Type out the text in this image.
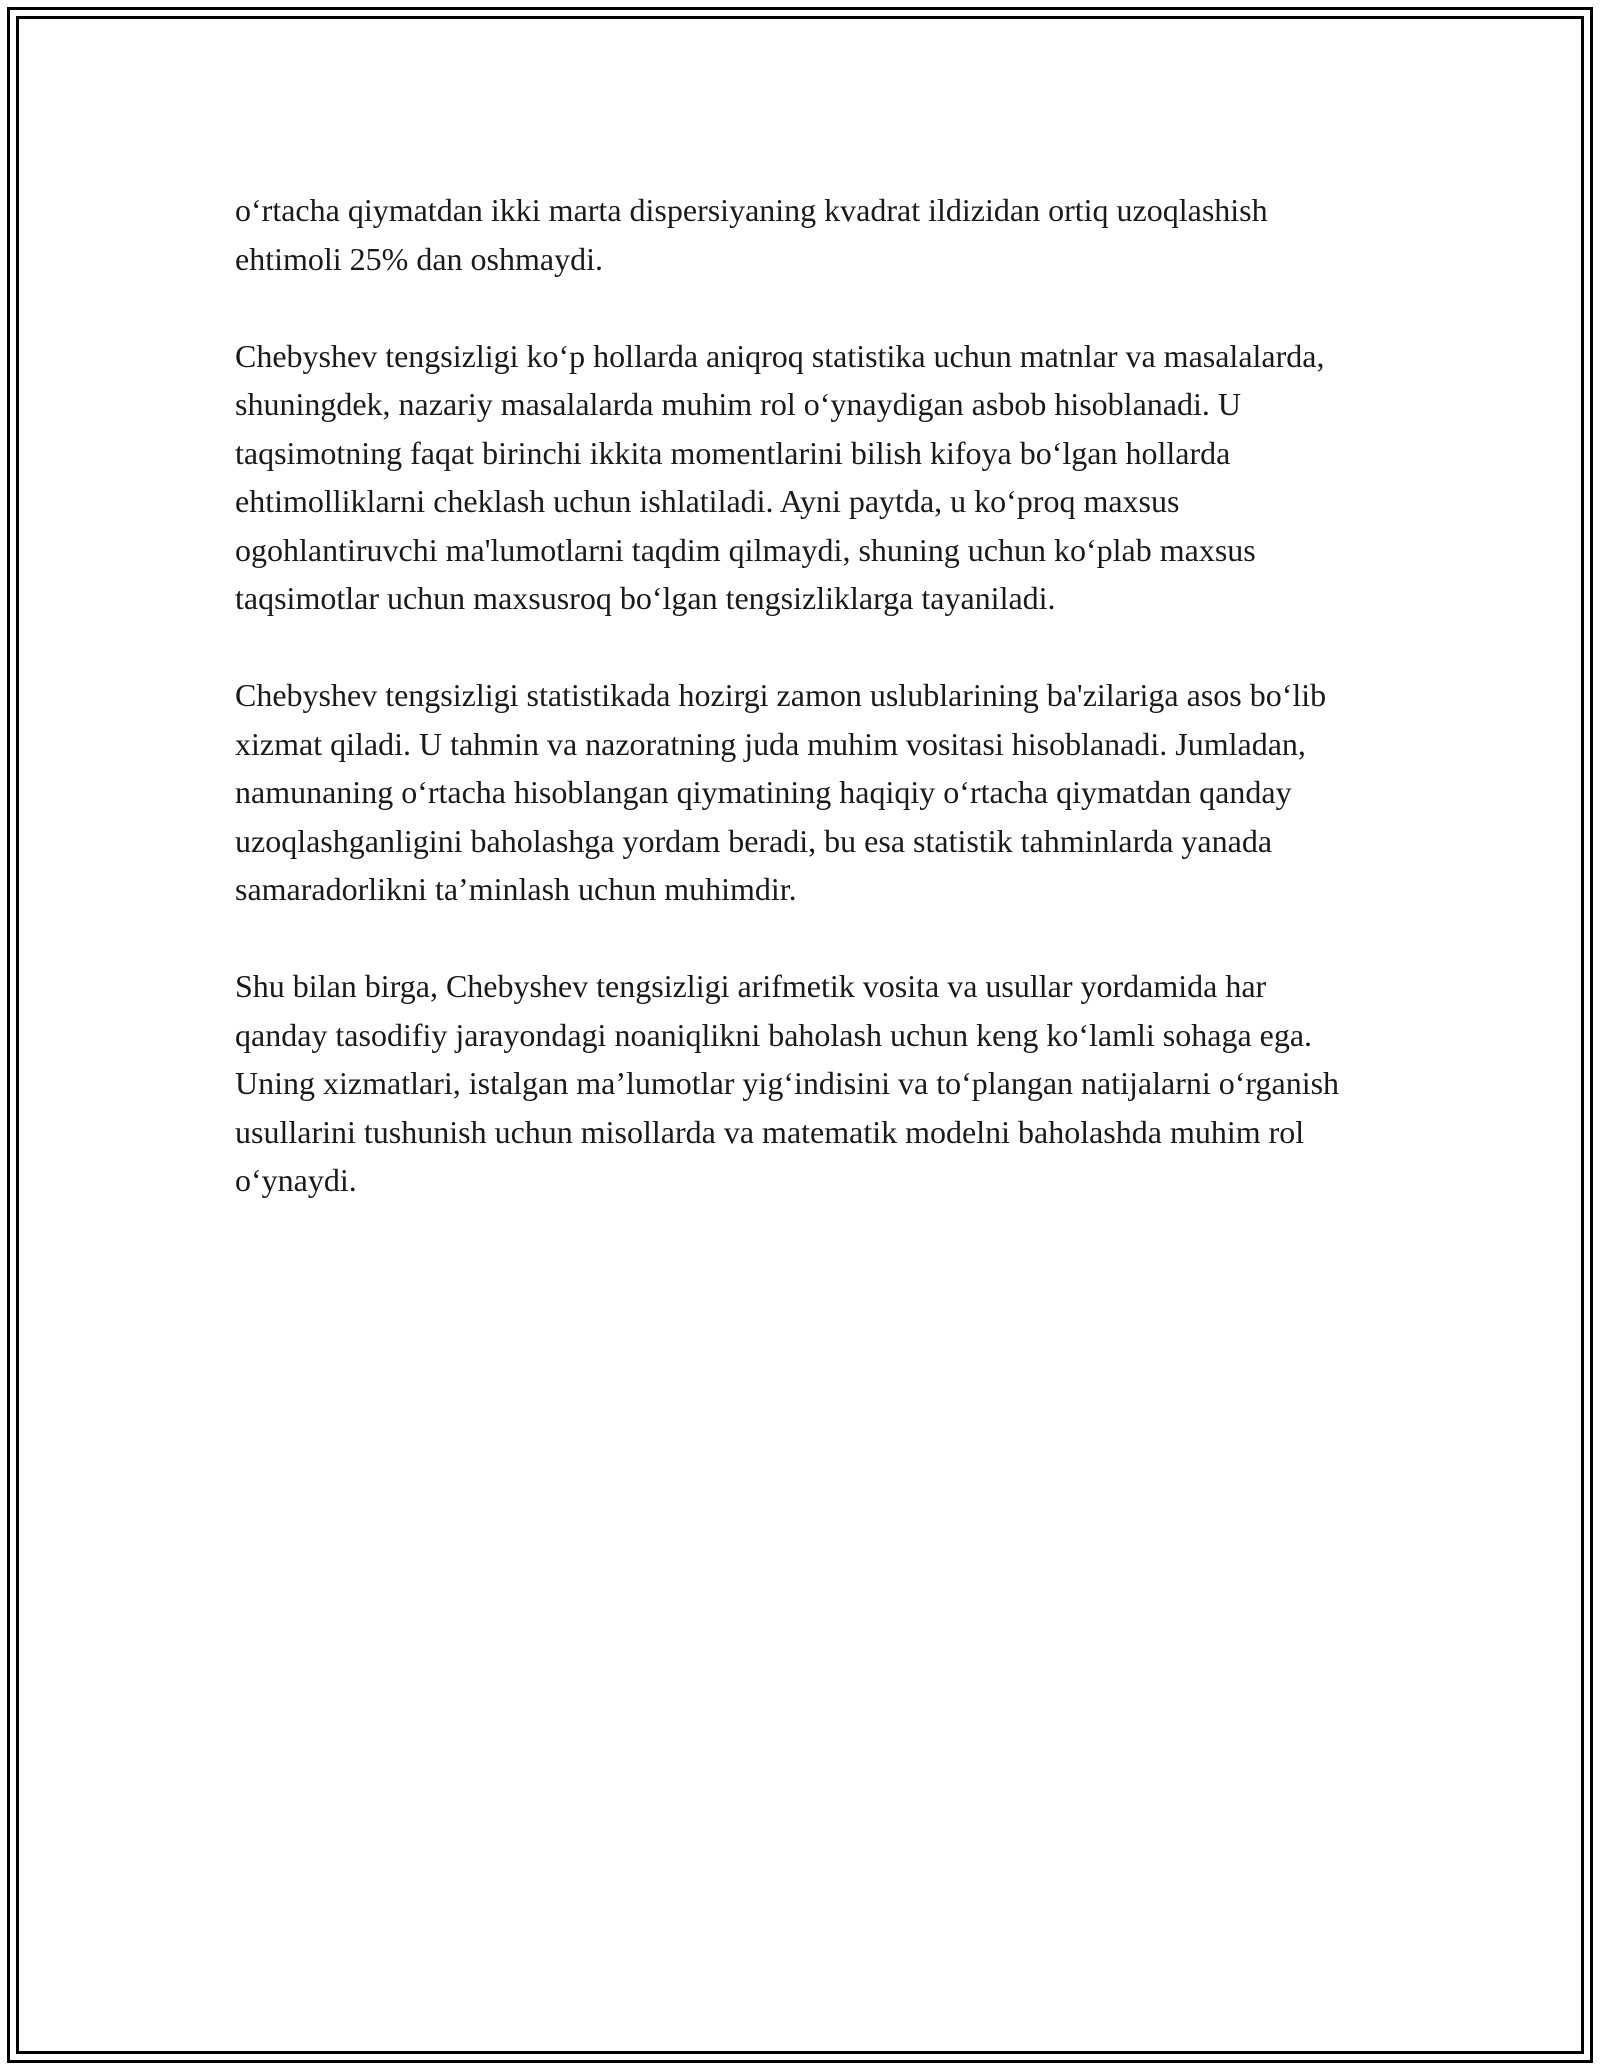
o‘rtacha qiymatdan ikki marta dispersiyaning kvadrat ildizidan ortiq uzoqlashish ehtimoli 25% dan oshmaydi.

Chebyshev tengsizligi ko‘p hollarda aniqroq statistika uchun matnlar va masalalarda, shuningdek, nazariy masalalarda muhim rol o‘ynaydigan asbob hisoblanadi. U taqsimotning faqat birinchi ikkita momentlarini bilish kifoya bo‘lgan hollarda ehtimolliklarni cheklash uchun ishlatiladi. Ayni paytda, u ko‘proq maxsus ogohlantiruvchi ma'lumotlarni taqdim qilmaydi, shuning uchun ko‘plab maxsus taqsimotlar uchun maxsusroq bo‘lgan tengsizliklarga tayaniladi.

Chebyshev tengsizligi statistikada hozirgi zamon uslublarining ba'zilariga asos bo‘lib xizmat qiladi. U tahmin va nazoratning juda muhim vositasi hisoblanadi. Jumladan, namunaning o‘rtacha hisoblangan qiymatining haqiqiy o‘rtacha qiymatdan qanday uzoqlashganligini baholashga yordam beradi, bu esa statistik tahminlarda yanada samaradorlikni ta’minlash uchun muhimdir.

Shu bilan birga, Chebyshev tengsizligi arifmetik vosita va usullar yordamida har qanday tasodifiy jarayondagi noaniqlikni baholash uchun keng ko‘lamli sohaga ega. Uning xizmatlari, istalgan ma’lumotlar yig‘indisini va to‘plangan natijalarni o‘rganish usullarini tushunish uchun misollarda va matematik modelni baholashda muhim rol o‘ynaydi.
